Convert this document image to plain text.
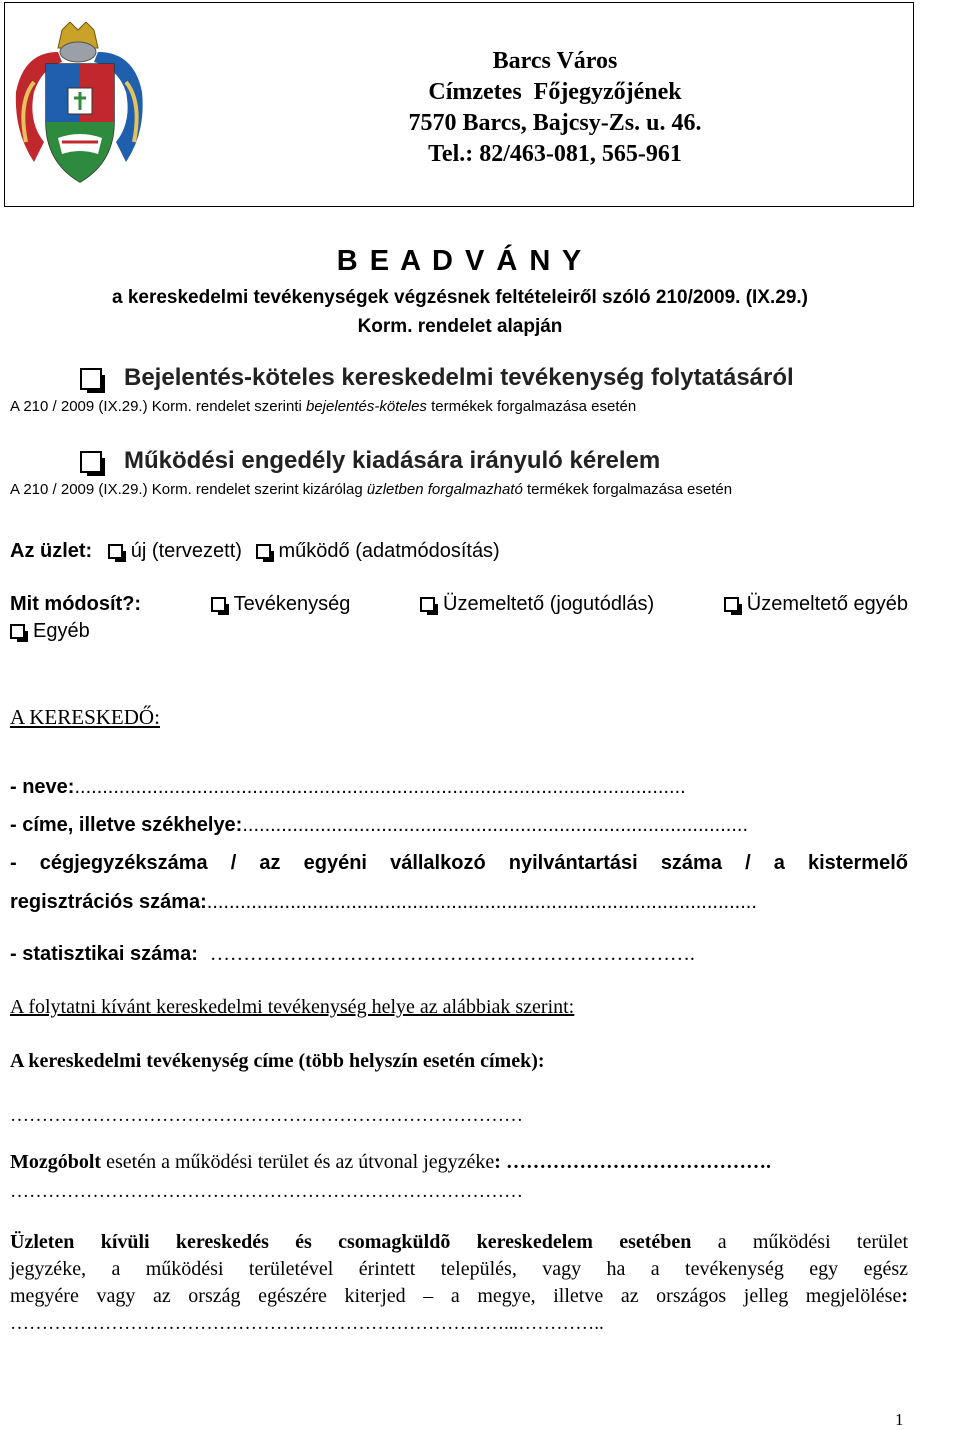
Barcs Város
Címzetes  Főjegyzőjének
7570 Barcs, Bajcsy-Zs. u. 46.
Tel.: 82/463-081, 565-961
B E A D V Á N Y
a kereskedelmi tevékenységek végzésnek feltételeiről szóló 210/2009. (IX.29.)
Korm. rendelet alapján
Bejelentés-köteles kereskedelmi tevékenység folytatásáról
A 210 / 2009 (IX.29.) Korm. rendelet szerinti bejelentés-köteles termékek forgalmazása esetén
Működési engedély kiadására irányuló kérelem
A 210 / 2009 (IX.29.) Korm. rendelet szerint kizárólag üzletben forgalmazható termékek forgalmazása esetén
Az üzlet: új (tervezett) működő (adatmódosítás)
Mit módosít?:	Tevékenység	Üzemeltető (jogutódlás)	Üzemeltető egyéb
Egyéb
A KERESKEDŐ:
- neve:..............................................................................................................
- címe, illetve székhelye:...........................................................................................
- cégjegyzékszáma / az egyéni vállalkozó nyilvántartási száma / a kistermelő
regisztrációs száma:...................................................................................................
- statisztikai száma: ……………………………………………………………….
A folytatni kívánt kereskedelmi tevékenység helye az alábbiak szerint:
A kereskedelmi tevékenység címe (több helyszín esetén címek):
………………………………………………………………………
Mozgóbolt esetén a működési terület és az útvonal jegyzéke: ………………………………….
………………………………………………………………………
Üzleten kívüli kereskedés és csomagküldõ kereskedelem esetében a működési terület
jegyzéke, a működési területével érintett település, vagy ha a tevékenység egy egész
megyére vagy az ország egészére kiterjed – a megye, illetve az országos jelleg megjelölése:
……………………………………………………………………...…………..
1
